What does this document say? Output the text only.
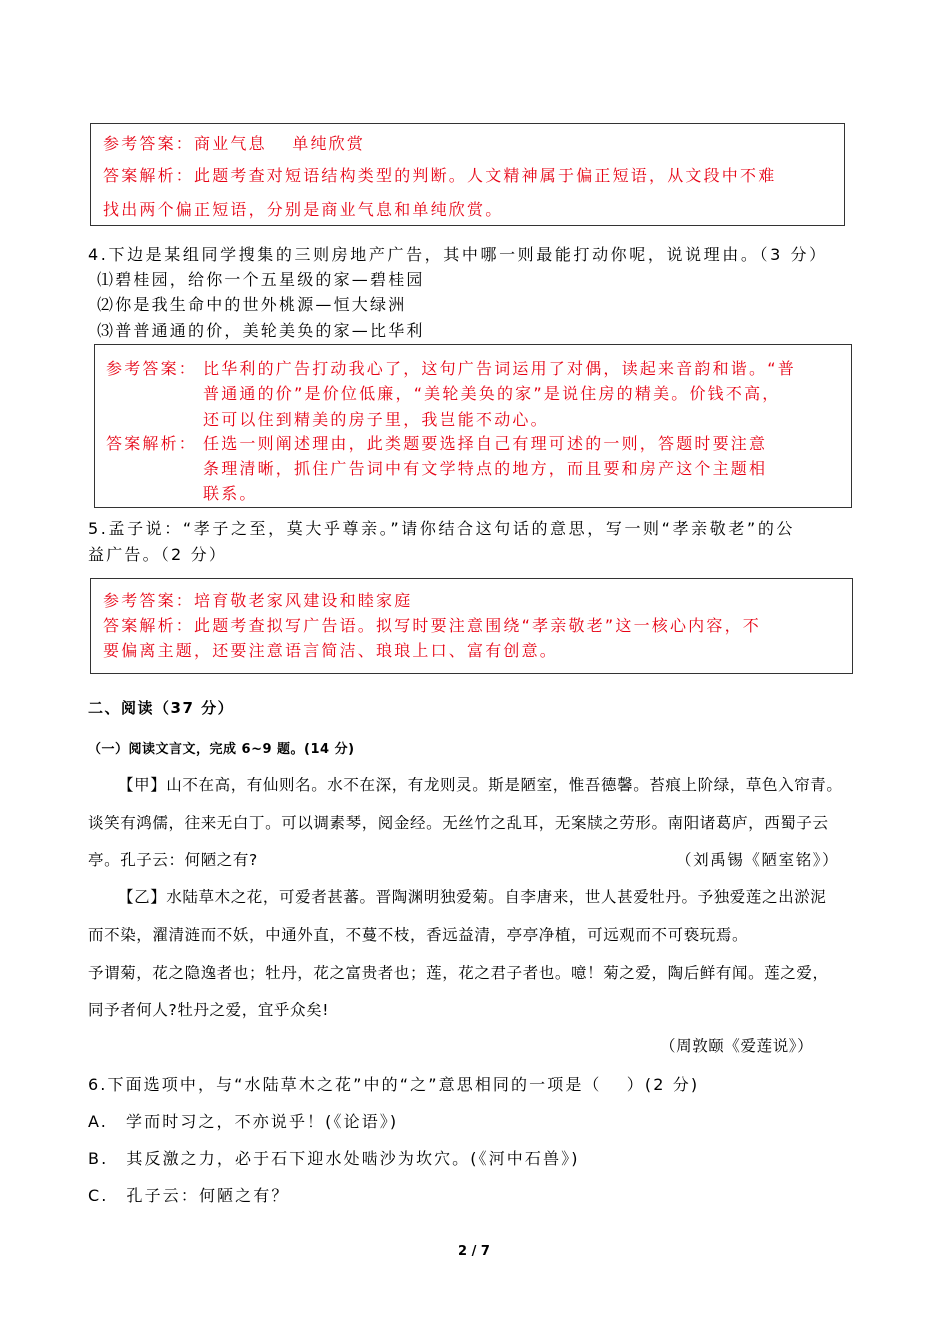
参考答案：商业气息　 单纯欣赏
答案解析：此题考查对短语结构类型的判断。人文精神属于偏正短语，从文段中不难
找出两个偏正短语，分别是商业气息和单纯欣赏。
4.下边是某组同学搜集的三则房地产广告，其中哪一则最能打动你呢，说说理由。（3 分）
⑴碧桂园，给你一个五星级的家—碧桂园
⑵你是我生命中的世外桃源—恒大绿洲
⑶普普通通的价，美轮美奂的家—比华利
参考答案： 比华利的广告打动我心了，这句广告词运用了对偶，读起来音韵和谐。“普
普通通的价”是价位低廉，“美轮美奂的家”是说住房的精美。价钱不高，
还可以住到精美的房子里，我岂能不动心。
答案解析： 任选一则阐述理由，此类题要选择自己有理可述的一则，答题时要注意
条理清晰，抓住广告词中有文学特点的地方，而且要和房产这个主题相
联系。
5.孟子说：“孝子之至，莫大乎尊亲。”请你结合这句话的意思，写一则“孝亲敬老”的公
益广告。（2 分）
参考答案：培育敬老家风建设和睦家庭
答案解析：此题考查拟写广告语。拟写时要注意围绕“孝亲敬老”这一核心内容，不
要偏离主题，还要注意语言简洁、琅琅上口、富有创意。
二、阅读（37 分）
（一）阅读文言文，完成 6~9 题。(14 分)
【甲】山不在高，有仙则名。水不在深，有龙则灵。斯是陋室，惟吾德馨。苔痕上阶绿，草色入帘青。
谈笑有鸿儒，往来无白丁。可以调素琴，阅金经。无丝竹之乱耳，无案牍之劳形。南阳诸葛庐，西蜀子云
亭。孔子云：何陋之有?	（刘禹锡《陋室铭》）
【乙】水陆草木之花，可爱者甚蕃。晋陶渊明独爱菊。自李唐来，世人甚爱牡丹。予独爱莲之出淤泥
而不染，濯清涟而不妖，中通外直，不蔓不枝，香远益清，亭亭净植，可远观而不可亵玩焉。
予谓菊，花之隐逸者也；牡丹，花之富贵者也；莲，花之君子者也。噫！菊之爱，陶后鲜有闻。莲之爱，
同予者何人?牡丹之爱，宜乎众矣!
（周敦颐《爱莲说》）
6.下面选项中，与“水陆草木之花”中的“之”意思相同的一项是（　 ）(2 分)
A.　学而时习之，不亦说乎！(《论语》)
B.　其反激之力，必于石下迎水处啮沙为坎穴。(《河中石兽》)
C.　孔子云：何陋之有？
2 / 7
